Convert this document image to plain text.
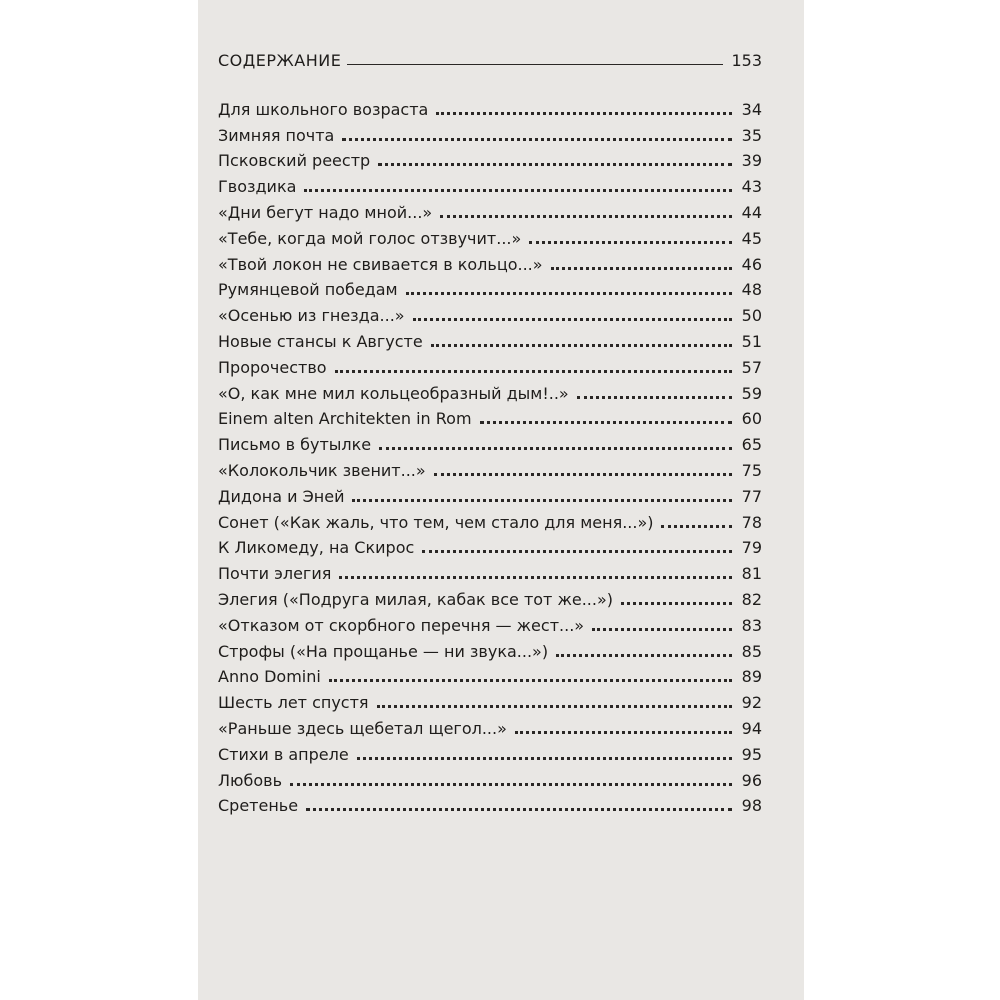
СОДЕРЖАНИЕ	153
Для школьного возраста	34
Зимняя почта	35
Псковский реестр	39
Гвоздика	43
«Дни бегут надо мной...»	44
«Тебе, когда мой голос отзвучит...»	45
«Твой локон не свивается в кольцо...»	46
Румянцевой победам	48
«Осенью из гнезда...»	50
Новые стансы к Августе	51
Пророчество	57
«О, как мне мил кольцеобразный дым!..»	59
Einem alten Architekten in Rom	60
Письмо в бутылке	65
«Колокольчик звенит...»	75
Дидона и Эней	77
Сонет («Как жаль, что тем, чем стало для меня...»)	78
К Ликомеду, на Скирос	79
Почти элегия	81
Элегия («Подруга милая, кабак все тот же...»)	82
«Отказом от скорбного перечня — жест...»	83
Строфы («На прощанье — ни звука...»)	85
Anno Domini	89
Шесть лет спустя	92
«Раньше здесь щебетал щегол...»	94
Стихи в апреле	95
Любовь	96
Сретенье	98
